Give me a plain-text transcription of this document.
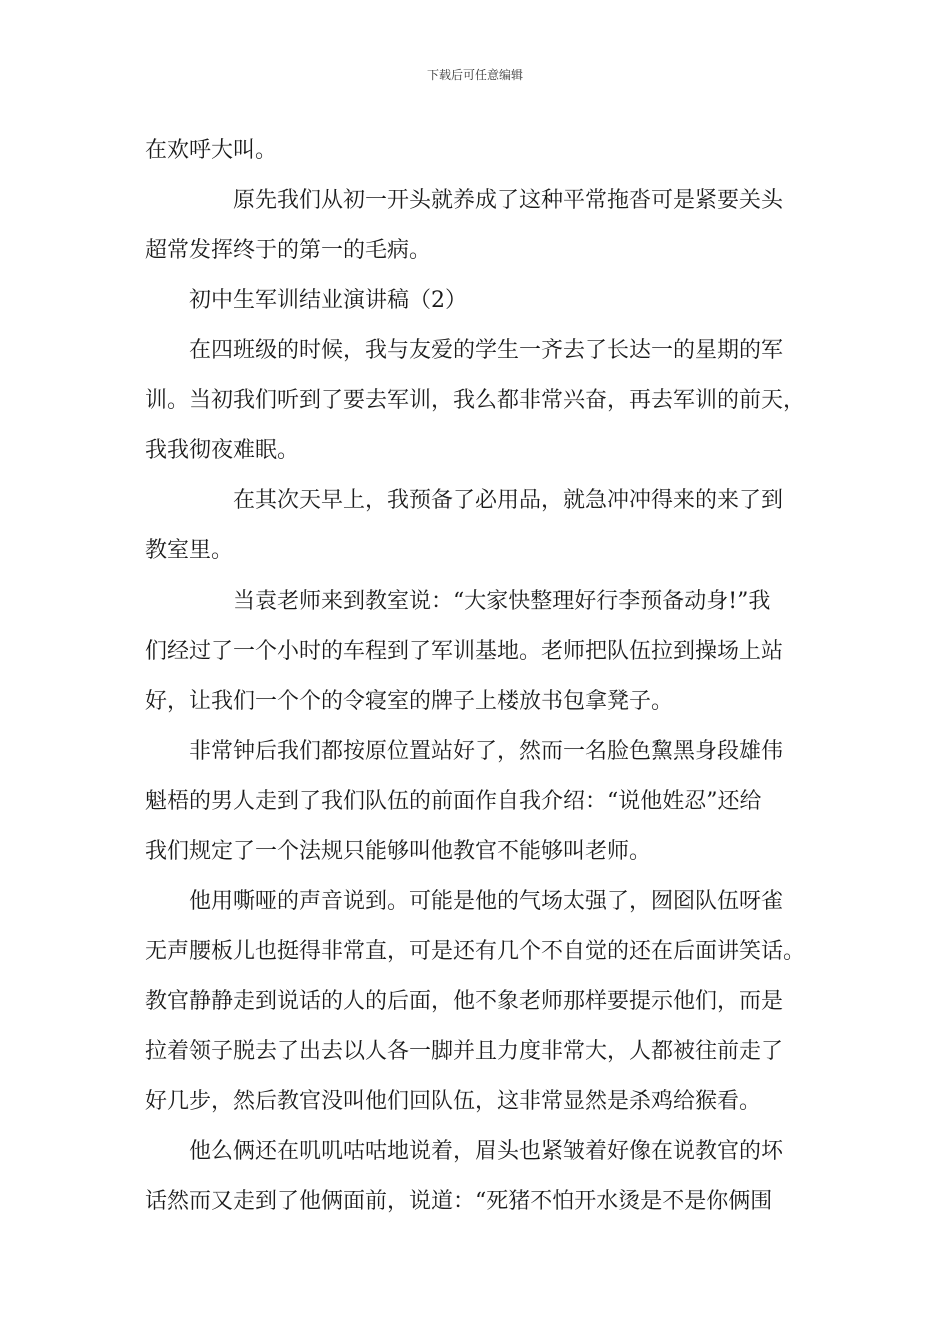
下载后可任意编辑
在欢呼大叫。
原先我们从初一开头就养成了这种平常拖沓可是紧要关头
超常发挥终于的第一的毛病。
初中生军训结业演讲稿（2）
在四班级的时候，我与友爱的学生一齐去了长达一的星期的军
训。当初我们听到了要去军训，我么都非常兴奋，再去军训的前天，
我我彻夜难眠。
在其次天早上，我预备了必用品，就急冲冲得来的来了到
教室里。
当袁老师来到教室说：“大家快整理好行李预备动身!”我
们经过了一个小时的车程到了军训基地。老师把队伍拉到操场上站
好，让我们一个个的令寝室的牌子上楼放书包拿凳子。
非常钟后我们都按原位置站好了，然而一名脸色黧黑身段雄伟
魁梧的男人走到了我们队伍的前面作自我介绍：“说他姓忍”还给
我们规定了一个法规只能够叫他教官不能够叫老师。
他用嘶哑的声音说到。可能是他的气场太强了，囫囵队伍呀雀
无声腰板儿也挺得非常直，可是还有几个不自觉的还在后面讲笑话。
教官静静走到说话的人的后面，他不象老师那样要提示他们，而是
拉着领子脱去了出去以人各一脚并且力度非常大，人都被往前走了
好几步，然后教官没叫他们回队伍，这非常显然是杀鸡给猴看。
他么俩还在叽叽咕咕地说着，眉头也紧皱着好像在说教官的坏
话然而又走到了他俩面前，说道：“死猪不怕开水烫是不是你俩围
